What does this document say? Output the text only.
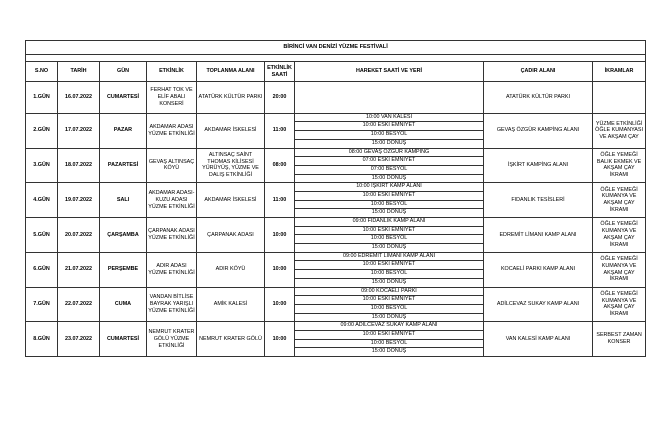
BİRİNCİ VAN DENİZİ YÜZME FESTİVALİ								

S.NO	TARİH	GÜN	ETKİNLİK	TOPLANMA ALANI	ETKİNLİK SAATİ	HAREKET SAATİ VE YERİ	ÇADIR ALANI	İKRAMLAR
1.GÜN	16.07.2022	CUMARTESİ	FERHAT TOK VE ELİF ABALI KONSERİ	ATATÜRK KÜLTÜR PARKI	20:00		ATATÜRK KÜLTÜR PARKI	
2.GÜN	17.07.2022	PAZAR	AKDAMAR ADASI YÜZME ETKİNLİĞİ	AKDAMAR İSKELESİ	11:00	10:00 VAN KALESİ
10:00 ESKİ EMNİYET
10:00 BESYOL
15:00 DÖNÜŞ	GEVAŞ ÖZGÜR KAMPİNG ALANI	YÜZME ETKİNLİĞİ ÖĞLE KUMANYASI VE AKŞAM ÇAY
3.GÜN	18.07.2022	PAZARTESİ	GEVAŞ ALTINSAÇ KÖYÜ	ALTINSAÇ SAİNT THOMAS KİLİSESİ YÜRÜYÜŞ, YÜZME VE DALIŞ ETKİNLİĞİ	08:00	08:00 GEVAŞ ÖZGÜR KAMPİNG
07:00 ESKİ EMNİYET
07:00 BESYOL
15:00 DÖNÜŞ	İŞKİRT KAMPİNG ALANI	ÖĞLE YEMEĞİ BALIK EKMEK VE AKŞAM ÇAY İKRAMI
4.GÜN	19.07.2022	SALI	AKDAMAR ADASI-KUZU ADASI YÜZME ETKİNLİĞİ	AKDAMAR İSKELESİ	11:00	10:00 İŞKİRT KAMP ALANI
10:00 ESKİ EMNİYET
10:00 BESYOL
15:00 DÖNÜŞ	FIDANLIK TESİSLERİ	ÖĞLE YEMEĞİ KUMANYA VE AKŞAM ÇAY İKRAMI
5.GÜN	20.07.2022	ÇARŞAMBA	ÇARPANAK ADASI YÜZME ETKİNLİĞİ	ÇARPANAK ADASI	10:00	09:00 FİDANLIK KAMP ALANI
10:00 ESKİ EMNİYET
10:00 BESYOL
15:00 DÖNÜŞ	EDREMİT LİMANI KAMP ALANI	ÖĞLE YEMEĞİ KUMANYA VE AKŞAM ÇAY İKRAMI
6.GÜN	21.07.2022	PERŞEMBE	ADIR ADASI YÜZME ETKİNLİĞİ	ADIR KÖYÜ	10:00	09:00 EDREMİT LİMANI KAMP ALANI
10:00 ESKİ EMNİYET
10:00 BESYOL
15:00 DÖNÜŞ	KOCAELİ PARKI KAMP ALANI	ÖĞLE YEMEĞİ KUMANYA VE AKŞAM ÇAY İKRAMI
7.GÜN	22.07.2022	CUMA	VANDAN BİTLİSE BAYRAK YARIŞLI YÜZME ETKİNLİĞİ	AMİK KALESİ	10:00	09:00 KOCAELİ PARKI
10:00 ESKİ EMNİYET
10:00 BESYOL
15:00 DÖNÜŞ	ADİLCEVAZ SUKAY KAMP ALANI	ÖĞLE YEMEĞİ KUMANYA VE AKŞAM ÇAY İKRAMI
8.GÜN	23.07.2022	CUMARTESİ	NEMRUT KRATER GÖLÜ YÜZME ETKİNLİĞİ	NEMRUT KRATER GÖLÜ	10:00	09:00 ADİLCEVAZ SUKAY KAMP ALANI
10:00 ESKİ EMNİYET
10:00 BESYOL
15:00 DÖNÜŞ	VAN KALESİ KAMP ALANI	SERBEST ZAMAN KONSER
